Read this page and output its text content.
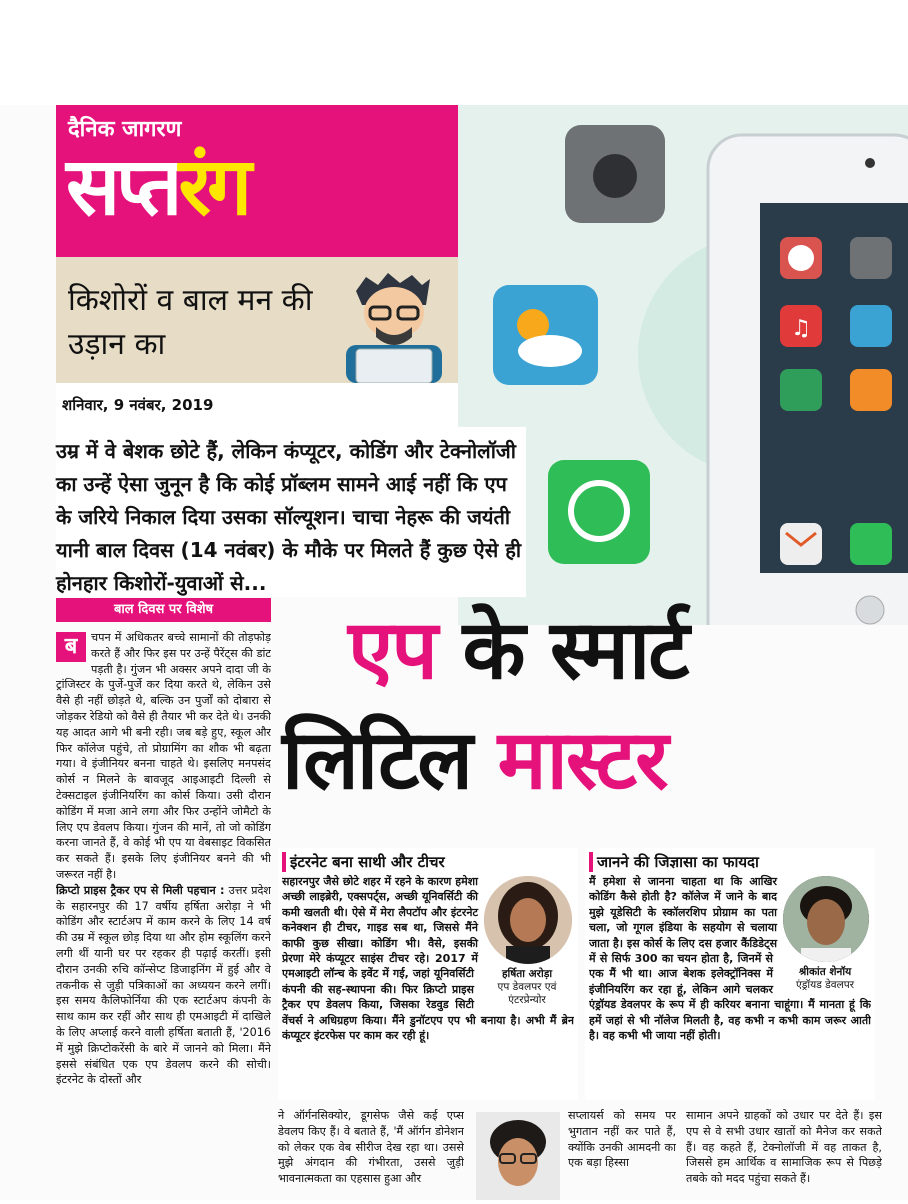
दैनिक जागरण
सप्तरंग
किशोरों व बाल मन की उड़ान का
शनिवार, 9 नवंबर, 2019
♫
उम्र में वे बेशक छोटे हैं, लेकिन कंप्यूटर, कोडिंग और टेक्नोलॉजी का उन्हें ऐसा जुनून है कि कोई प्रॉब्लम सामने आई नहीं कि एप के जरिये निकाल दिया उसका सॉल्यूशन। चाचा नेहरू की जयंती यानी बाल दिवस (14 नवंबर) के मौके पर मिलते हैं कुछ ऐसे ही होनहार किशोरों-युवाओं से...
एप के स्मार्ट
लिटिल मास्टर
बाल दिवस पर विशेष
ब	चपन में अधिकतर बच्चे सामानों की तोड़फोड़ करते हैं और फिर इस पर उन्हें पैरेंट्स की डांट पड़ती है। गुंजन भी अक्सर अपने दादा जी के ट्रांजिस्टर के पुर्जे-पुर्जे कर दिया करते थे, लेकिन उसे वैसे ही नहीं छोड़ते थे, बल्कि उन पुर्जों को दोबारा से जोड़कर रेडियो को वैसे ही तैयार भी कर देते थे। उनकी यह आदत आगे भी बनी रही। जब बड़े हुए, स्कूल और फिर कॉलेज पहुंचे, तो प्रोग्रामिंग का शौक भी बढ़ता गया। वे इंजीनियर बनना चाहते थे। इसलिए मनपसंद कोर्स न मिलने के बावजूद आइआइटी दिल्ली से टेक्सटाइल इंजीनियरिंग का कोर्स किया। उसी दौरान कोडिंग में मजा आने लगा और फिर उन्होंने जोमैटो के लिए एप डेवलप किया। गुंजन की मानें, तो जो कोडिंग करना जानते हैं, वे कोई भी एप या वेबसाइट विकसित कर सकते हैं। इसके लिए इंजीनियर बनने की भी जरूरत नहीं है।
क्रिप्टो प्राइस ट्रैकर एप से मिली पहचान : उत्तर प्रदेश के सहारनपुर की 17 वर्षीय हर्षिता अरोड़ा ने भी कोडिंग और स्टार्टअप में काम करने के लिए 14 वर्ष की उम्र में स्कूल छोड़ दिया था और होम स्कूलिंग करने लगी थीं यानी घर पर रहकर ही पढ़ाई करतीं। इसी दौरान उनकी रुचि कॉन्सेप्ट डिजाइनिंग में हुई और वे तकनीक से जुड़ी पत्रिकाओं का अध्ययन करने लगीं। इस समय कैलिफोर्निया की एक स्टार्टअप कंपनी के साथ काम कर रहीं और साथ ही एमआइटी में दाखिले के लिए अप्लाई करने वाली हर्षिता बताती हैं, '2016 में मुझे क्रिप्टोकरेंसी के बारे में जानने को मिला। मैंने इससे संबंधित एक एप डेवलप करने की सोची। इंटरनेट के दोस्तों और
इंटरनेट बना साथी और टीचर
हर्षिता अरोड़ा
एप डेवलपर एवं एंटरप्रेन्योर
सहारनपुर जैसे छोटे शहर में रहने के कारण हमेशा अच्छी लाइब्रेरी, एक्सपर्ट्स, अच्छी यूनिवर्सिटी की कमी खलती थी। ऐसे में मेरा लैपटॉप और इंटरनेट कनेक्शन ही टीचर, गाइड सब था, जिससे मैंने काफी कुछ सीखा। कोडिंग भी। वैसे, इसकी प्रेरणा मेरे कंप्यूटर साइंस टीचर रहे। 2017 में एमआइटी लॉन्च के इवेंट में गई, जहां यूनिवर्सिटी कंपनी की सह-स्थापना की। फिर क्रिप्टो प्राइस ट्रैकर एप डेवलप किया, जिसका रेडवुड सिटी वेंचर्स ने अधिग्रहण किया। मैंने डुनॉटएप एप भी बनाया है। अभी मैं ब्रेन कंप्यूटर इंटरफेस पर काम कर रही हूं।
जानने की जिज्ञासा का फायदा
श्रीकांत शेनॉय
एंड्रॉयड डेवलपर
मैं हमेशा से जानना चाहता था कि आखिर कोडिंग कैसे होती है? कॉलेज में जाने के बाद मुझे यूडेसिटी के स्कॉलरशिप प्रोग्राम का पता चला, जो गूगल इंडिया के सहयोग से चलाया जाता है। इस कोर्स के लिए दस हजार कैंडिडेट्स में से सिर्फ 300 का चयन होता है, जिनमें से एक मैं भी था। आज बेशक इलेक्ट्रॉनिक्स में इंजीनियरिंग कर रहा हूं, लेकिन आगे चलकर एंड्रॉयड डेवलपर के रूप में ही करियर बनाना चाहूंगा। मैं मानता हूं कि हमें जहां से भी नॉलेज मिलती है, वह कभी न कभी काम जरूर आती है। वह कभी भी जाया नहीं होती।
ने ऑर्गनसिक्योर, डूगसेफ जैसे कई एप्स डेवलप किए हैं। वे बताते हैं, 'मैं ऑर्गन डोनेशन को लेकर एक वेब सीरीज देख रहा था। उससे मुझे अंगदान की गंभीरता, उससे जुड़ी भावनात्मकता का एहसास हुआ और
सप्लायर्स को समय पर भुगतान नहीं कर पाते हैं, क्योंकि उनकी आमदनी का एक बड़ा हिस्सा
सामान अपने ग्राहकों को उधार पर देते हैं। इस एप से वे सभी उधार खातों को मैनेज कर सकते हैं। वह कहते हैं, टेक्नोलॉजी में वह ताकत है, जिससे हम आर्थिक व सामाजिक रूप से पिछड़े तबके को मदद पहुंचा सकते हैं।
